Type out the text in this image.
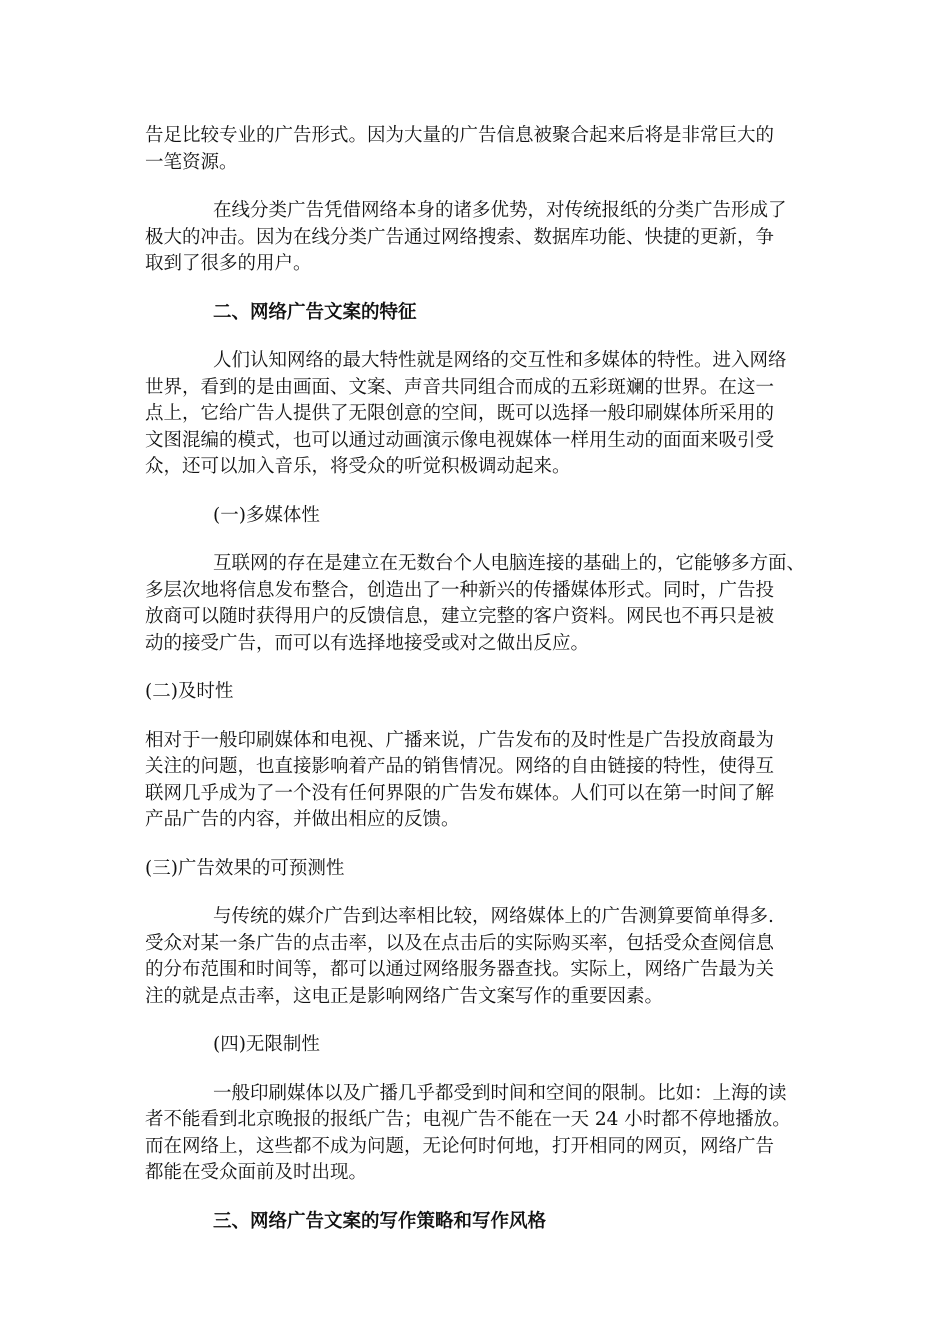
告足比较专业的广告形式。因为大量的广告信息被聚合起来后将是非常巨大的
一笔资源。

在线分类广告凭借网络本身的诸多优势，对传统报纸的分类广告形成了
极大的冲击。因为在线分类广告通过网络搜索、数据库功能、快捷的更新，争
取到了很多的用户。

二、网络广告文案的特征

人们认知网络的最大特性就是网络的交互性和多媒体的特性。进入网络
世界，看到的是由画面、文案、声音共同组合而成的五彩斑斓的世界。在这一
点上，它给广告人提供了无限创意的空间，既可以选择一般印刷媒体所采用的
文图混编的模式，也可以通过动画演示像电视媒体一样用生动的面面来吸引受
众，还可以加入音乐，将受众的听觉积极调动起来。

(一)多媒体性

互联网的存在是建立在无数台个人电脑连接的基础上的，它能够多方面、
多层次地将信息发布整合，创造出了一种新兴的传播媒体形式。同时，广告投
放商可以随时获得用户的反馈信息，建立完整的客户资料。网民也不再只是被
动的接受广告，而可以有选择地接受或对之做出反应。

(二)及时性

相对于一般印刷媒体和电视、广播来说，广告发布的及时性是广告投放商最为
关注的问题，也直接影响着产品的销售情况。网络的自由链接的特性，使得互
联网几乎成为了一个没有任何界限的广告发布媒体。人们可以在第一时间了解
产品广告的内容，并做出相应的反馈。

(三)广告效果的可预测性

与传统的媒介广告到达率相比较，网络媒体上的广告测算要简单得多.
受众对某一条广告的点击率，以及在点击后的实际购买率，包括受众查阅信息
的分布范围和时间等，都可以通过网络服务器查找。实际上，网络广告最为关
注的就是点击率，这电正是影响网络广告文案写作的重要因素。

(四)无限制性

一般印刷媒体以及广播几乎都受到时间和空间的限制。比如：上海的读
者不能看到北京晚报的报纸广告；电视广告不能在一天 24 小时都不停地播放。
而在网络上，这些都不成为问题，无论何时何地，打开相同的网页，网络广告
都能在受众面前及时出现。

三、网络广告文案的写作策略和写作风格
